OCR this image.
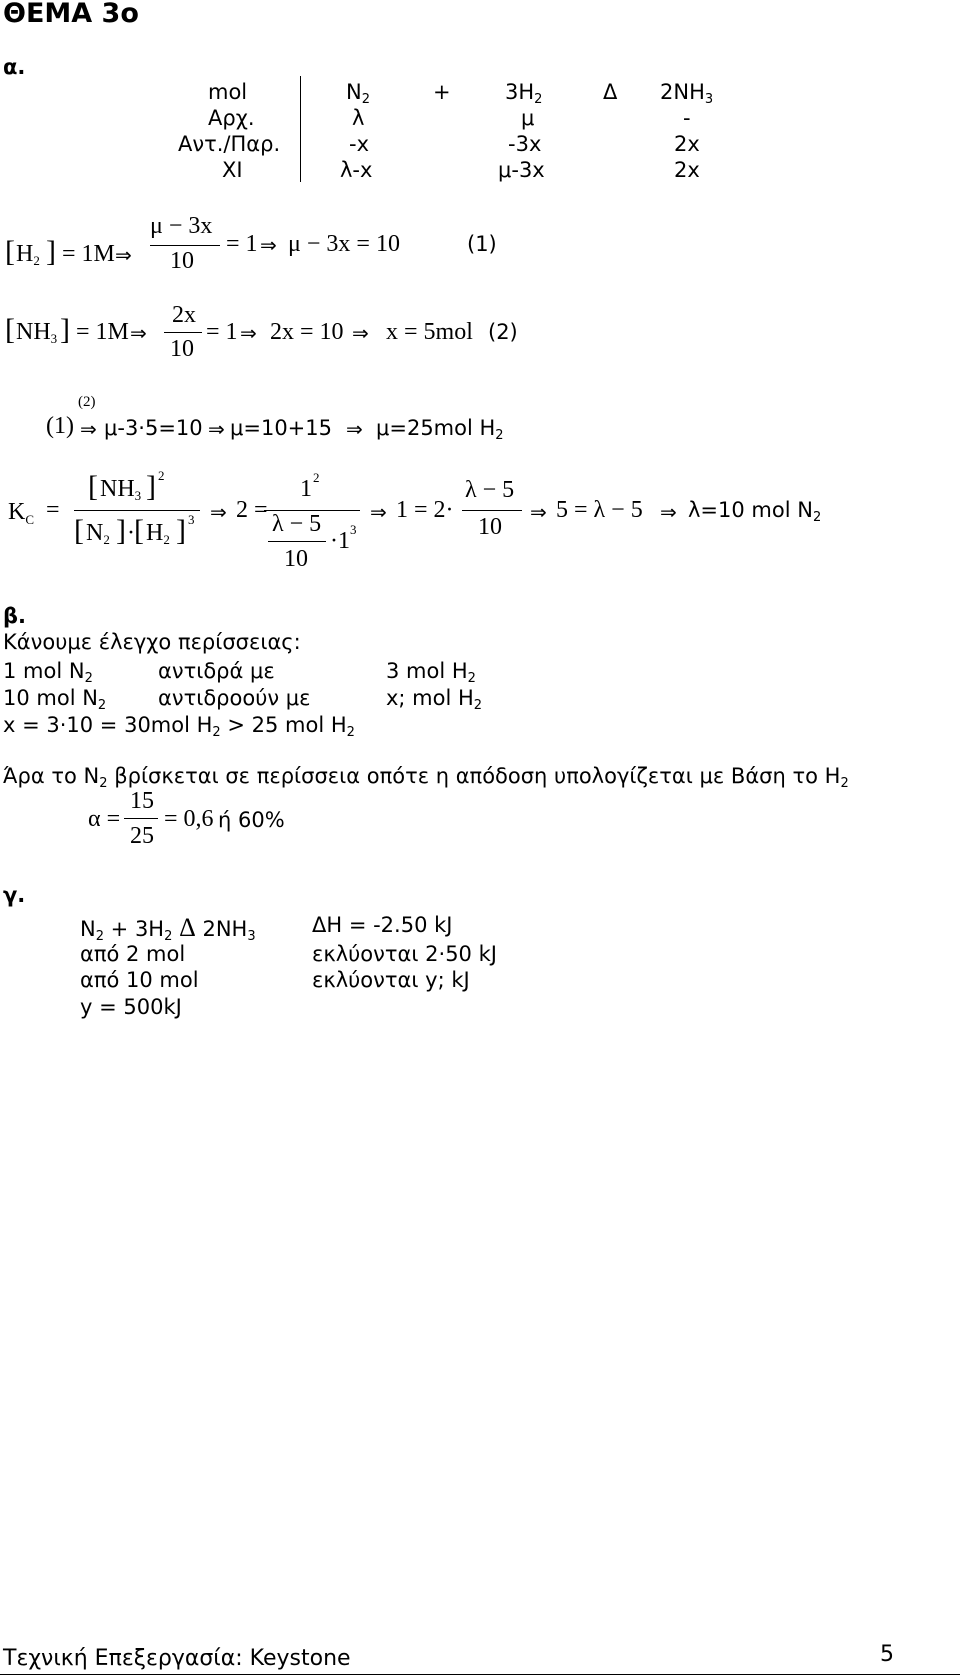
ΘΕΜΑ 3ο
α.
mol	$N_2$	+	$3H_2$	Δ $2NH_3$
Αρχ.	λ	μ	-
Αντ./Παρ.	-x	-3x	2x
XI	λ-x	μ-3x	2x
[ $H_2$ ] = 1M ⇒
μ − 3x
10
= 1 ⇒ μ − 3x = 10	(1)
[ $NH_3$ ] = 1M ⇒
2x
10
= 1 ⇒ 2x = 10 ⇒ x = 5mol (2)
(2)
(1) ⇒ μ-3·5=10 ⇒ μ=10+15 ⇒ μ=25mol $H_2$
$K_C$ =
[ $NH_3$ ] 2
[ $N_2$ ] · [ $H_2$ ] 3 ⇒ 2 =
1 2
λ − 5
10
·1 3
⇒ 1 = 2·
λ − 5
10
⇒ 5 = λ − 5 ⇒ λ=10 mol $N_2$
β.
Κάνουμε έλεγχο περίσσειας:
1 mol $N_2$	αντιδρά με	3 mol $H_2$
10 mol $N_2$ αντιδροούν με	x; mol $H_2$
x = 3·10 = 30mol $H_2 > 25$ mol $H_2$
Άρα το $N_2$ βρίσκεται σε περίσσεια οπότε η απόδοση υπολογίζεται με Βάση το $H_2$
α =
15
25
= 0,6 ή 60%
γ.
$N_2 + 3H_2$ Δ $2NH_3$	ΔH = -2.50 kJ
από 2 mol	εκλύονται 2·50 kJ
από 10 mol	εκλύονται y; kJ
y = 500kJ
Τεχνική Επεξεργασία: Keystone	5
